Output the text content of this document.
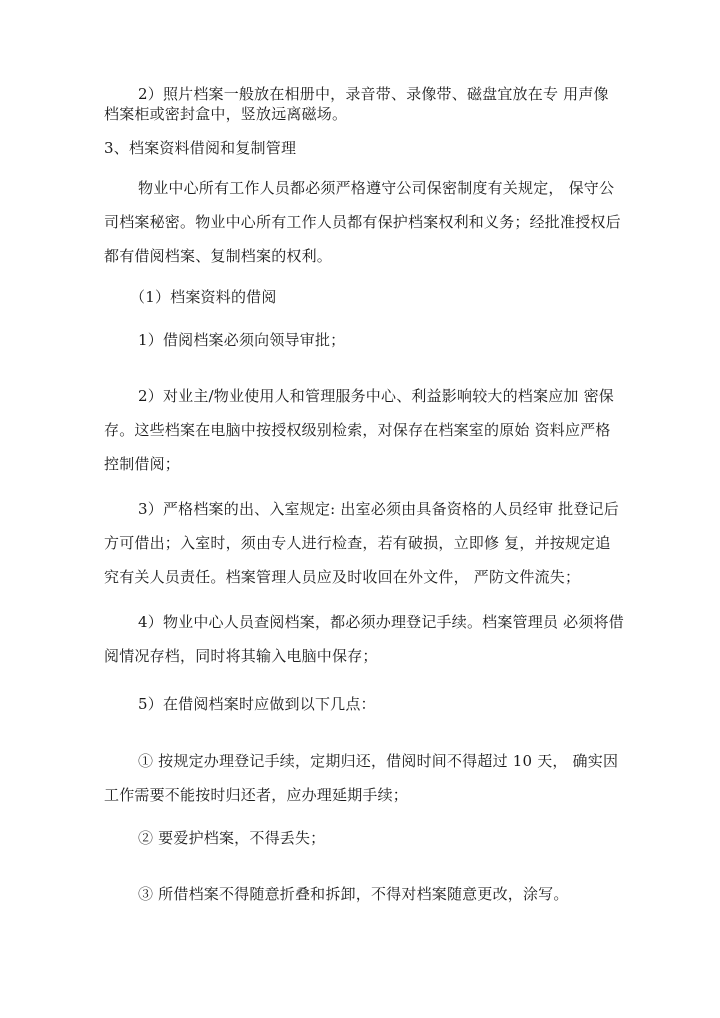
2）照片档案一般放在相册中，录音带、录像带、磁盘宜放在专 用声像
档案柜或密封盒中，竖放远离磁场。
3、档案资料借阅和复制管理
物业中心所有工作人员都必须严格遵守公司保密制度有关规定， 保守公
司档案秘密。物业中心所有工作人员都有保护档案权利和义务；经批准授权后
都有借阅档案、复制档案的权利。
（1）档案资料的借阅
1）借阅档案必须向领导审批；
2）对业主/物业使用人和管理服务中心、利益影响较大的档案应加 密保
存。这些档案在电脑中按授权级别检索，对保存在档案室的原始 资料应严格
控制借阅；
3）严格档案的出、入室规定: 出室必须由具备资格的人员经审 批登记后
方可借出；入室时，须由专人进行检查，若有破损，立即修 复，并按规定追
究有关人员责任。档案管理人员应及时收回在外文件， 严防文件流失；
4）物业中心人员查阅档案，都必须办理登记手续。档案管理员 必须将借
阅情况存档，同时将其输入电脑中保存；
5）在借阅档案时应做到以下几点：
① 按规定办理登记手续，定期归还，借阅时间不得超过 10 天， 确实因
工作需要不能按时归还者，应办理延期手续；
② 要爱护档案，不得丢失；
③ 所借档案不得随意折叠和拆卸，不得对档案随意更改，涂写。
